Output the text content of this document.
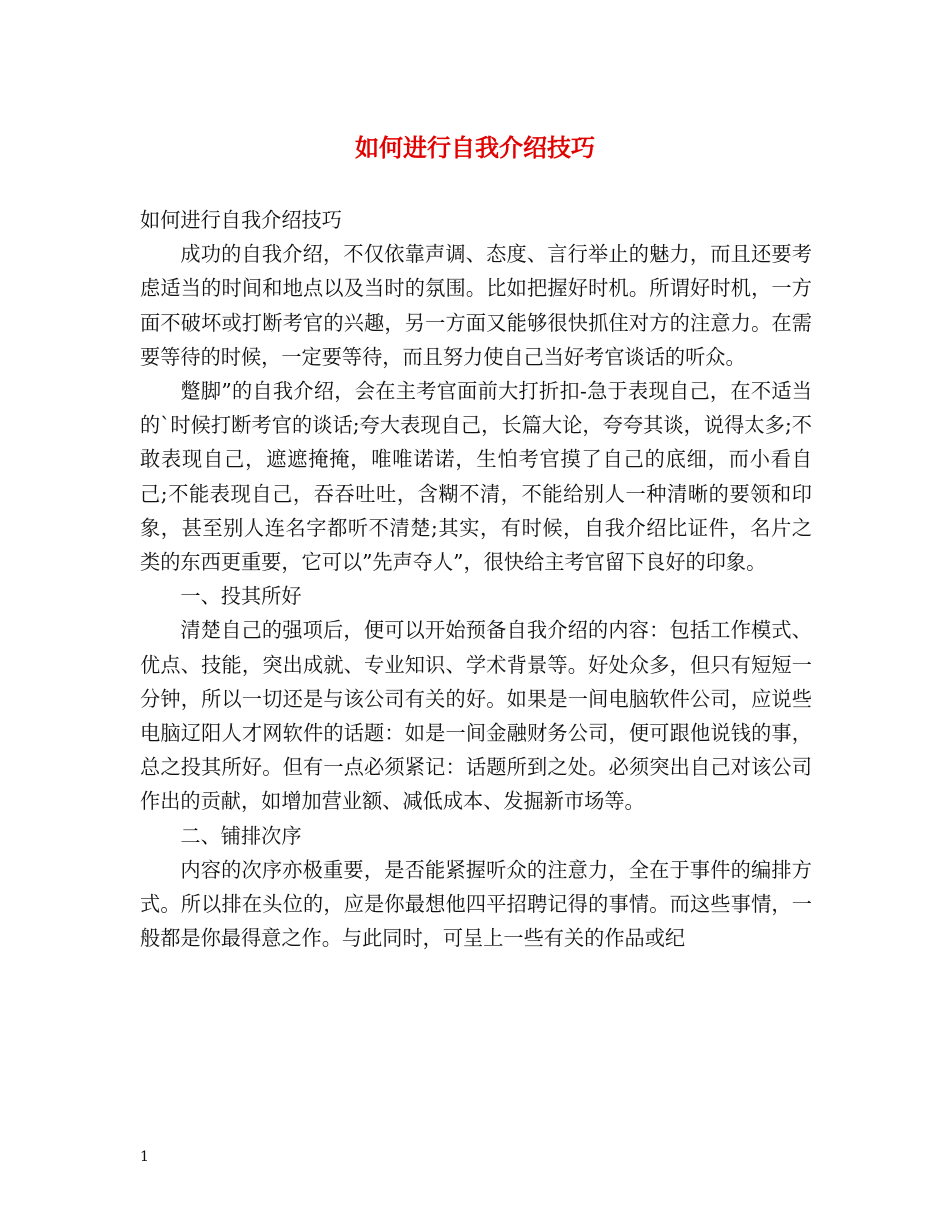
如何进行自我介绍技巧

如何进行自我介绍技巧

成功的自我介绍，不仅依靠声调、态度、言行举止的魅力，而且还要考虑适当的时间和地点以及当时的氛围。比如把握好时机。所谓好时机，一方面不破坏或打断考官的兴趣，另一方面又能够很快抓住对方的注意力。在需要等待的时候，一定要等待，而且努力使自己当好考官谈话的听众。

蹩脚”的自我介绍，会在主考官面前大打折扣-急于表现自己，在不适当的`时候打断考官的谈话;夸大表现自己，长篇大论，夸夸其谈，说得太多;不敢表现自己，遮遮掩掩，唯唯诺诺，生怕考官摸了自己的底细，而小看自己;不能表现自己，吞吞吐吐，含糊不清，不能给别人一种清晰的要领和印象，甚至别人连名字都听不清楚;其实，有时候，自我介绍比证件，名片之类的东西更重要，它可以”先声夺人”，很快给主考官留下良好的印象。

一、投其所好

清楚自己的强项后，便可以开始预备自我介绍的内容：包括工作模式、优点、技能，突出成就、专业知识、学术背景等。好处众多，但只有短短一分钟，所以一切还是与该公司有关的好。如果是一间电脑软件公司，应说些电脑辽阳人才网软件的话题：如是一间金融财务公司，便可跟他说钱的事，总之投其所好。但有一点必须紧记：话题所到之处。必须突出自己对该公司作出的贡献，如增加营业额、减低成本、发掘新市场等。

二、铺排次序

内容的次序亦极重要，是否能紧握听众的注意力，全在于事件的编排方式。所以排在头位的，应是你最想他四平招聘记得的事情。而这些事情，一般都是你最得意之作。与此同时，可呈上一些有关的作品或纪

1
